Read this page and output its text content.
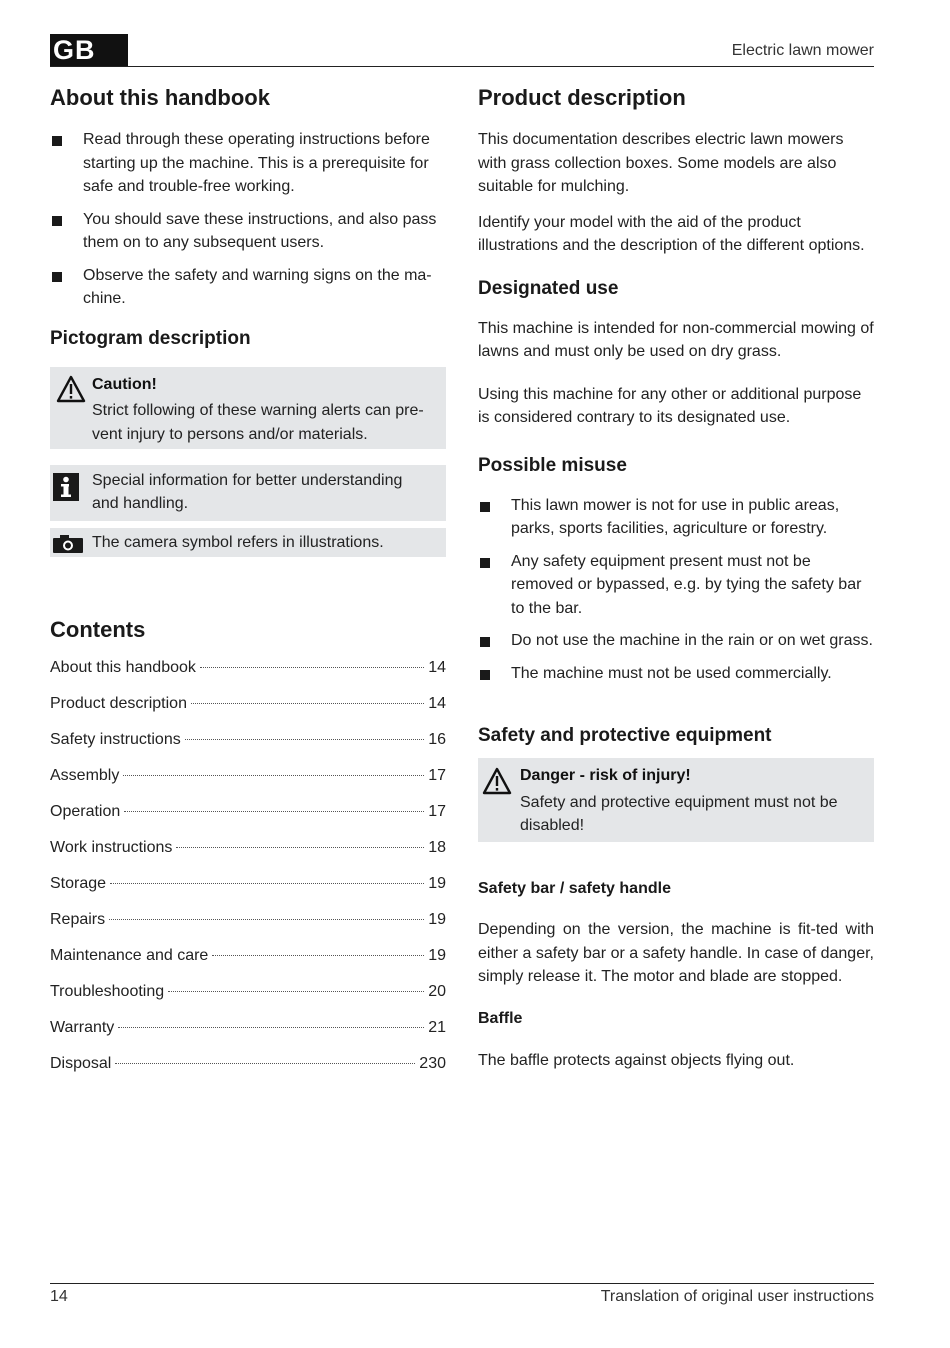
GB	Electric lawn mower
About this handbook
Read through these operating instructions before starting up the machine. This is a prerequisite for safe and trouble-free working.
You should save these instructions, and also pass them on to any subsequent users.
Observe the safety and warning signs on the ma-chine.
Pictogram description
Caution!
Strict following of these warning alerts can pre-vent injury to persons and/or materials.
Special information for better understanding and handling.
The camera symbol refers in illustrations.
Contents
About this handbook	14
Product description	14
Safety instructions	16
Assembly	17
Operation	17
Work instructions	18
Storage	19
Repairs	19
Maintenance and care	19
Troubleshooting	20
Warranty	21
Disposal	230
Product description

This documentation describes electric lawn mowers with grass collection boxes. Some models are also suitable for mulching.

Identify your model with the aid of the product illustrations and the description of the different options.

Designated use

This machine is intended for non-commercial mowing of lawns and must only be used on dry grass.

Using this machine for any other or additional purpose is considered contrary to its designated use.

Possible misuse
This lawn mower is not for use in public areas, parks, sports facilities, agriculture or forestry.
Any safety equipment present must not be removed or bypassed, e.g. by tying the safety bar to the bar.
Do not use the machine in the rain or on wet grass.
The machine must not be used commercially.
Safety and protective equipment
Danger - risk of injury!
Safety and protective equipment must not be disabled!
Safety bar / safety handle

Depending on the version, the machine is fit-ted with either a safety bar or a safety handle. In case of danger, simply release it. The motor and blade are stopped.

Baffle

The baffle protects against objects flying out.

14	Translation of original user instructions
